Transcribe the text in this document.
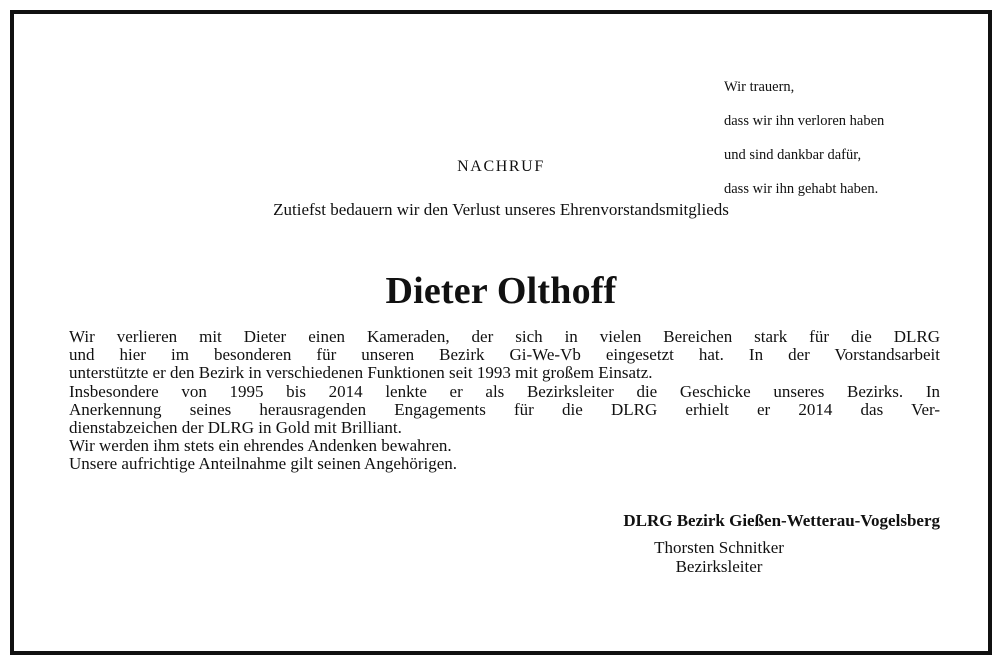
Wir trauern,

dass wir ihn verloren haben

und sind dankbar dafür,

dass wir ihn gehabt haben.

NACHRUF
Zutiefst bedauern wir den Verlust unseres Ehrenvorstandsmitglieds
Dieter Olthoff
Wir verlieren mit Dieter einen Kameraden, der sich in vielen Bereichen stark für die DLRG
und hier im besonderen für unseren Bezirk Gi-We-Vb eingesetzt hat. In der Vorstandsarbeit
unterstützte er den Bezirk in verschiedenen Funktionen seit 1993 mit großem Einsatz.
Insbesondere von 1995 bis 2014 lenkte er als Bezirksleiter die Geschicke unseres Bezirks. In
Anerkennung seines herausragenden Engagements für die DLRG erhielt er 2014 das Ver-
dienstabzeichen der DLRG in Gold mit Brilliant.
Wir werden ihm stets ein ehrendes Andenken bewahren.
Unsere aufrichtige Anteilnahme gilt seinen Angehörigen.
DLRG Bezirk Gießen-Wetterau-Vogelsberg
Thorsten Schnitker
Bezirksleiter
